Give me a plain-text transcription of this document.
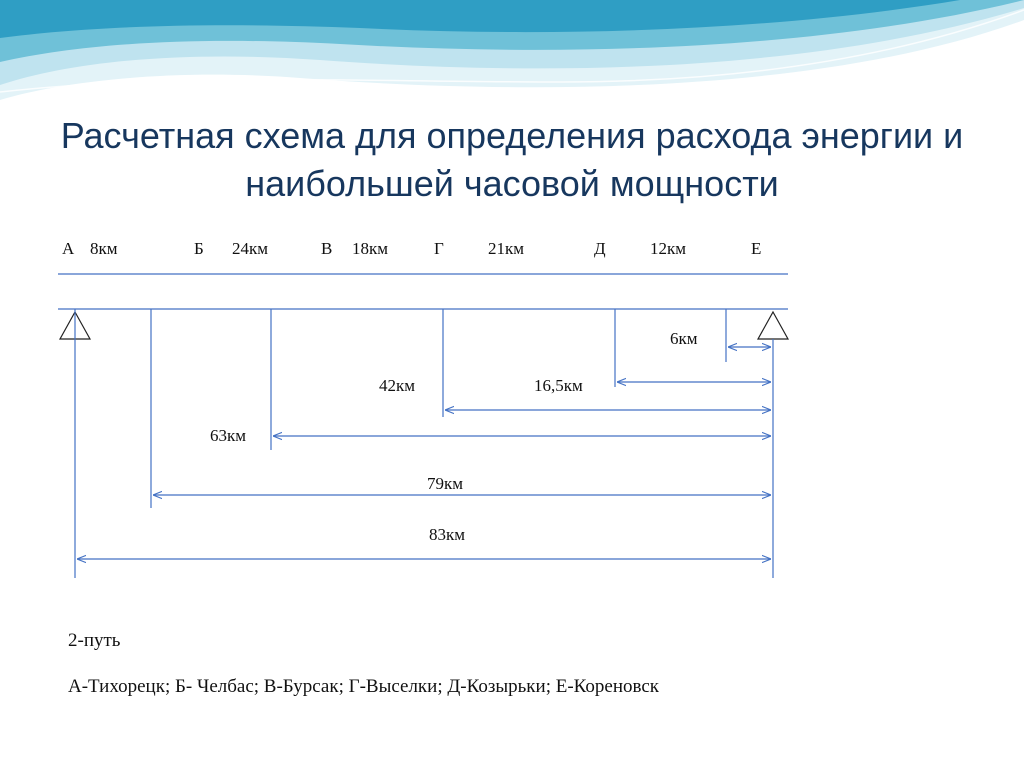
Расчетная схема для определения расхода энергии и
наибольшей часовой мощности
А 8км	Б 24км	В 18км	Г	21км	Д	12км	Е
6км
16,5км
42км
63км
79км
83км

2-путь

А-Тихорецк; Б- Челбас; В-Бурсак; Г-Выселки; Д-Козырьки; Е-Кореновск
